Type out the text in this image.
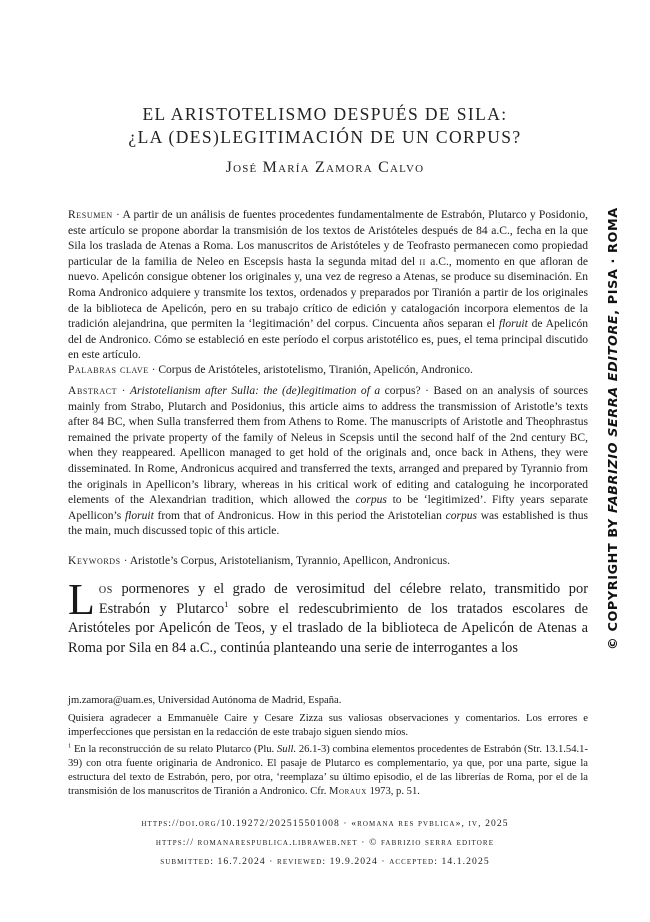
EL ARISTOTELISMO DESPUÉS DE SILA:
¿LA (DES)LEGITIMACIÓN DE UN CORPUS?
José María Zamora Calvo
Resumen · A partir de un análisis de fuentes procedentes fundamentalmente de Estrabón, Plutarco y Posidonio, este artículo se propone abordar la transmisión de los textos de Aristóteles después de 84 a.C., fecha en la que Sila los traslada de Atenas a Roma. Los manuscritos de Aristóteles y de Teofrasto permanecen como propiedad particular de la familia de Neleo en Escepsis hasta la segunda mitad del ii a.C., momento en que afloran de nuevo. Apelicón consigue obtener los originales y, una vez de regreso a Atenas, se produce su diseminación. En Roma Andronico adquiere y transmite los textos, ordenados y preparados por Tiranión a partir de los originales de la biblioteca de Apelicón, pero en su trabajo crítico de edición y catalogación incorpora elementos de la tradición alejandrina, que permiten la ‘legitimación’ del corpus. Cincuenta años separan el floruit de Apelicón del de Andronico. Cómo se estableció en este período el corpus aristotélico es, pues, el tema principal discutido en este artículo.
Palabras clave · Corpus de Aristóteles, aristotelismo, Tiranión, Apelicón, Andronico.
Abstract · Aristotelianism after Sulla: the (de)legitimation of a corpus? · Based on an analysis of sources mainly from Strabo, Plutarch and Posidonius, this article aims to address the transmission of Aristotle’s texts after 84 BC, when Sulla transferred them from Athens to Rome. The manuscripts of Aristotle and Theophrastus remained the private property of the family of Neleus in Scepsis until the second half of the 2nd century BC, when they reappeared. Apellicon managed to get hold of the originals and, once back in Athens, they were disseminated. In Rome, Andronicus acquired and transferred the texts, arranged and prepared by Tyrannio from the originals in Apellicon’s library, whereas in his critical work of editing and cataloguing he incorporated elements of the Alexandrian tradition, which allowed the corpus to be ‘legitimized’. Fifty years separate Apellicon’s floruit from that of Andronicus. How in this period the Aristotelian corpus was established is thus the main, much discussed topic of this article.
Keywords · Aristotle’s Corpus, Aristotelianism, Tyrannio, Apellicon, Andronicus.
Los pormenores y el grado de verosimitud del célebre relato, transmitido por Estrabón y Plutarco$^1$ sobre el redescubrimiento de los tratados escolares de Aristóteles por Apelicón de Teos, y el traslado de la biblioteca de Apelicón de Atenas a Roma por Sila en 84 a.C., continúa planteando una serie de interrogantes a los
jm.zamora@uam.es, Universidad Autónoma de Madrid, España.
Quisiera agradecer a Emmanuèle Caire y Cesare Zizza sus valiosas observaciones y comentarios. Los errores e imperfecciones que persistan en la redacción de este trabajo siguen siendo míos.
$^1$ En la reconstrucción de su relato Plutarco (Plu. Sull. 26.1-3) combina elementos procedentes de Estrabón (Str. 13.1.54.1-39) con otra fuente originaria de Andronico. El pasaje de Plutarco es complementario, ya que, por una parte, sigue la estructura del texto de Estrabón, pero, por otra, ‘reemplaza’ su último episodio, el de las librerías de Roma, por el de la transmisión de los manuscritos de Tiranión a Andronico. Cfr. Moraux 1973, p. 51.
https://doi.org/10.19272/202515501008 · «romana res pvblica», iv, 2025
https:// romanarespublica.libraweb.net · © fabrizio serra editore
submitted: 16.7.2024 · reviewed: 19.9.2024 · accepted: 14.1.2025
© COPYRIGHT BY FABRIZIO SERRA EDITORE, PISA · ROMA
